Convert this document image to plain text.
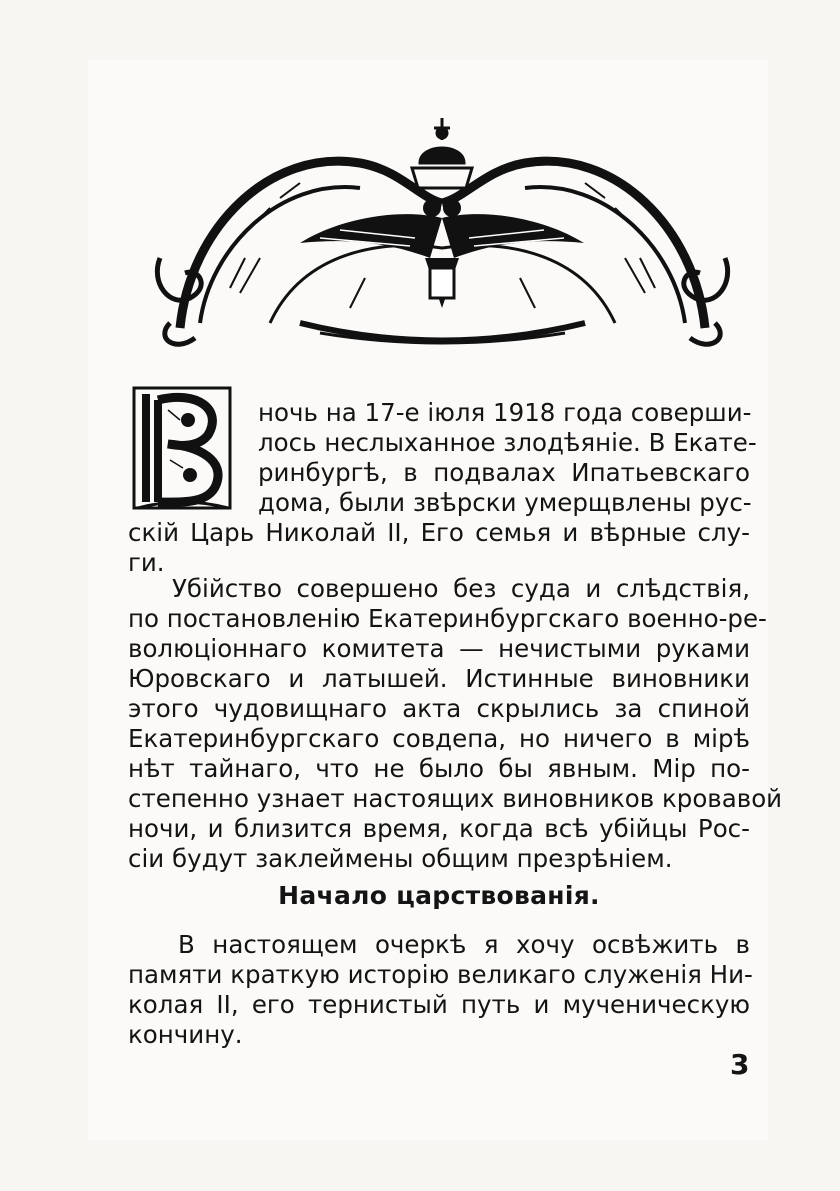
ночь на 17-е іюля 1918 года соверши-
лось неслыханное злодѣяніе. В Екате-
ринбургѣ, в подвалах Ипатьевскаго
дома, были звѣрски умерщвлены рус-
скій Царь Николай II, Его семья и вѣрные слу-
ги.
Убійство совершено без суда и слѣдствія,
по постановленію Екатеринбургскаго военно-ре-
волюціоннаго комитета — нечистыми руками
Юровскаго и латышей. Истинные виновники
этого чудовищнаго акта скрылись за спиной
Екатеринбургскаго совдепа, но ничего в мірѣ
нѣт тайнаго, что не было бы явным. Мір по-
степенно узнает настоящих виновников кровавой
ночи, и близится время, когда всѣ убійцы Рос-
сіи будут заклеймены общим презрѣніем.
Начало царствованія.
В настоящем очеркѣ я хочу освѣжить в
памяти краткую исторію великаго служенія Ни-
колая II, его тернистый путь и мученическую
кончину.
3
